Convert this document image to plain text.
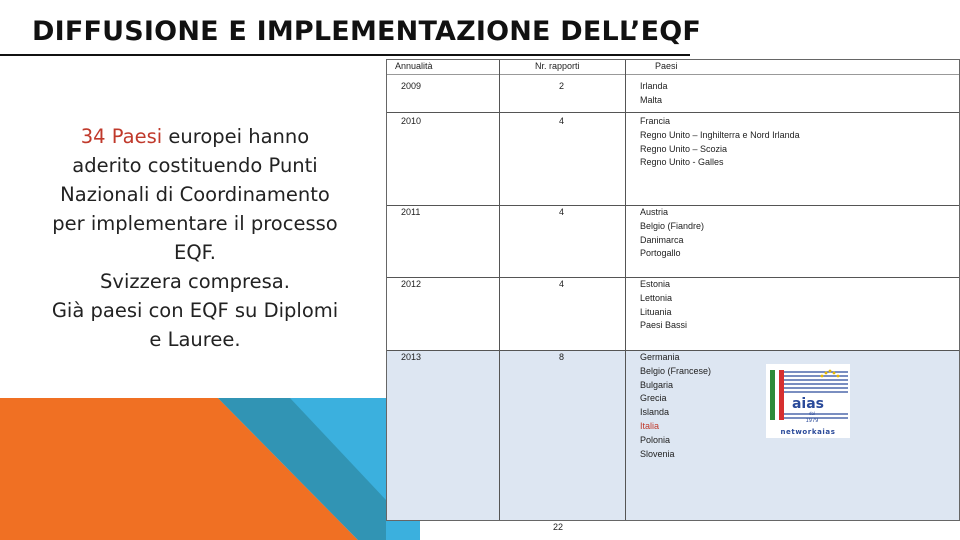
DIFFUSIONE E IMPLEMENTAZIONE DELL’EQF
34 Paesi europei hanno aderito costituendo Punti Nazionali di Coordinamento per implementare il processo EQF.
Svizzera compresa.
Già paesi con EQF su Diplomi e Lauree.
Annualità	Nr. rapporti	Paesi
2009	2	Irlanda
Malta
2010	4	Francia
Regno Unito – Inghilterra e Nord Irlanda
Regno Unito – Scozia
Regno Unito - Galles
2011	4	Austria
Belgio (Fiandre)
Danimarca
Portogallo
2012	4	Estonia
Lettonia
Lituania
Paesi Bassi
2013	8	Germania
Belgio (Francese)
Bulgaria
Grecia
Islanda
Italia
Polonia
Slovenia
22
aias
dal
1979
networkaias
